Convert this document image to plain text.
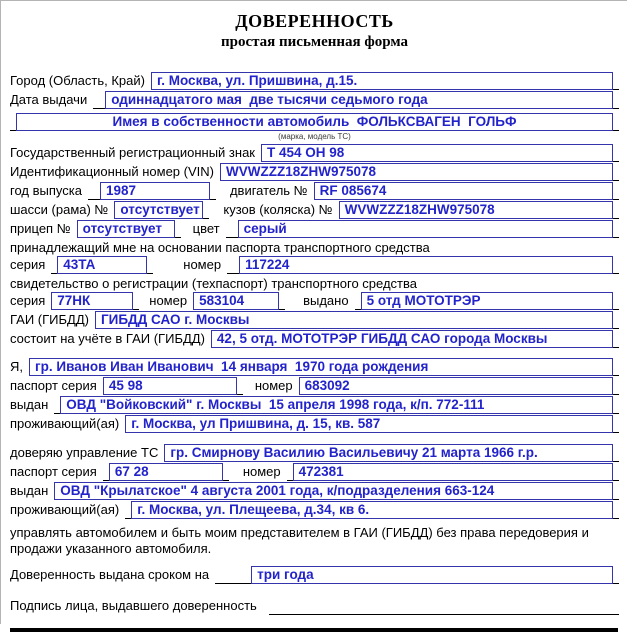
ДОВЕРЕННОСТЬ
простая письменная форма
Город (Область, Край) г. Москва, ул. Пришвина, д.15.
Дата выдачи	одиннадцатого мая  две тысячи седьмого года
Имея в собственности автомобиль  ФОЛЬКСВАГЕН  ГОЛЬФ
(марка, модель ТС)
Государственный регистрационный знак Т 454 ОН 98
Идентификационный номер (VIN) WVWZZZ18ZHW975078
год выпуска	1987	двигатель № RF 085674
шасси (рама) № отсутствует кузов (коляска) № WVWZZZ18ZHW975078
прицеп № отсутствует	цвет	серый
принадлежащий мне на основании паспорта транспортного средства
серия	43ТА	номер	117224
свидетельство о регистрации (техпаспорт) транспортного средства
серия 77НК	номер 583104	выдано	5 отд МОТОТРЭР
ГАИ (ГИБДД) ГИБДД САО г. Москвы
состоит на учёте в ГАИ (ГИБДД) 42, 5 отд. МОТОТРЭР ГИБДД САО города Москвы
Я, гр. Иванов Иван Иванович  14 января  1970 года рождения
паспорт серия 45 98	номер 683092
выдан	ОВД "Войковский" г. Москвы  15 апреля 1998 года, к/п. 772-111
проживающий(ая) г. Москва, ул Пришвина, д. 15, кв. 587
доверяю управление ТС гр. Смирнову Василию Васильевичу 21 марта 1966 г.р.
паспорт серия	67 28	номер	472381
выдан ОВД "Крылатское" 4 августа 2001 года, к/подразделения 663-124
проживающий(ая)	г. Москва, ул. Плещеева, д.34, кв 6.
управлять автомобилем и быть моим представителем в ГАИ (ГИБДД) без права передоверия и продажи указанного автомобиля.
Доверенность выдана сроком на	три года
Подпись лица, выдавшего доверенность
